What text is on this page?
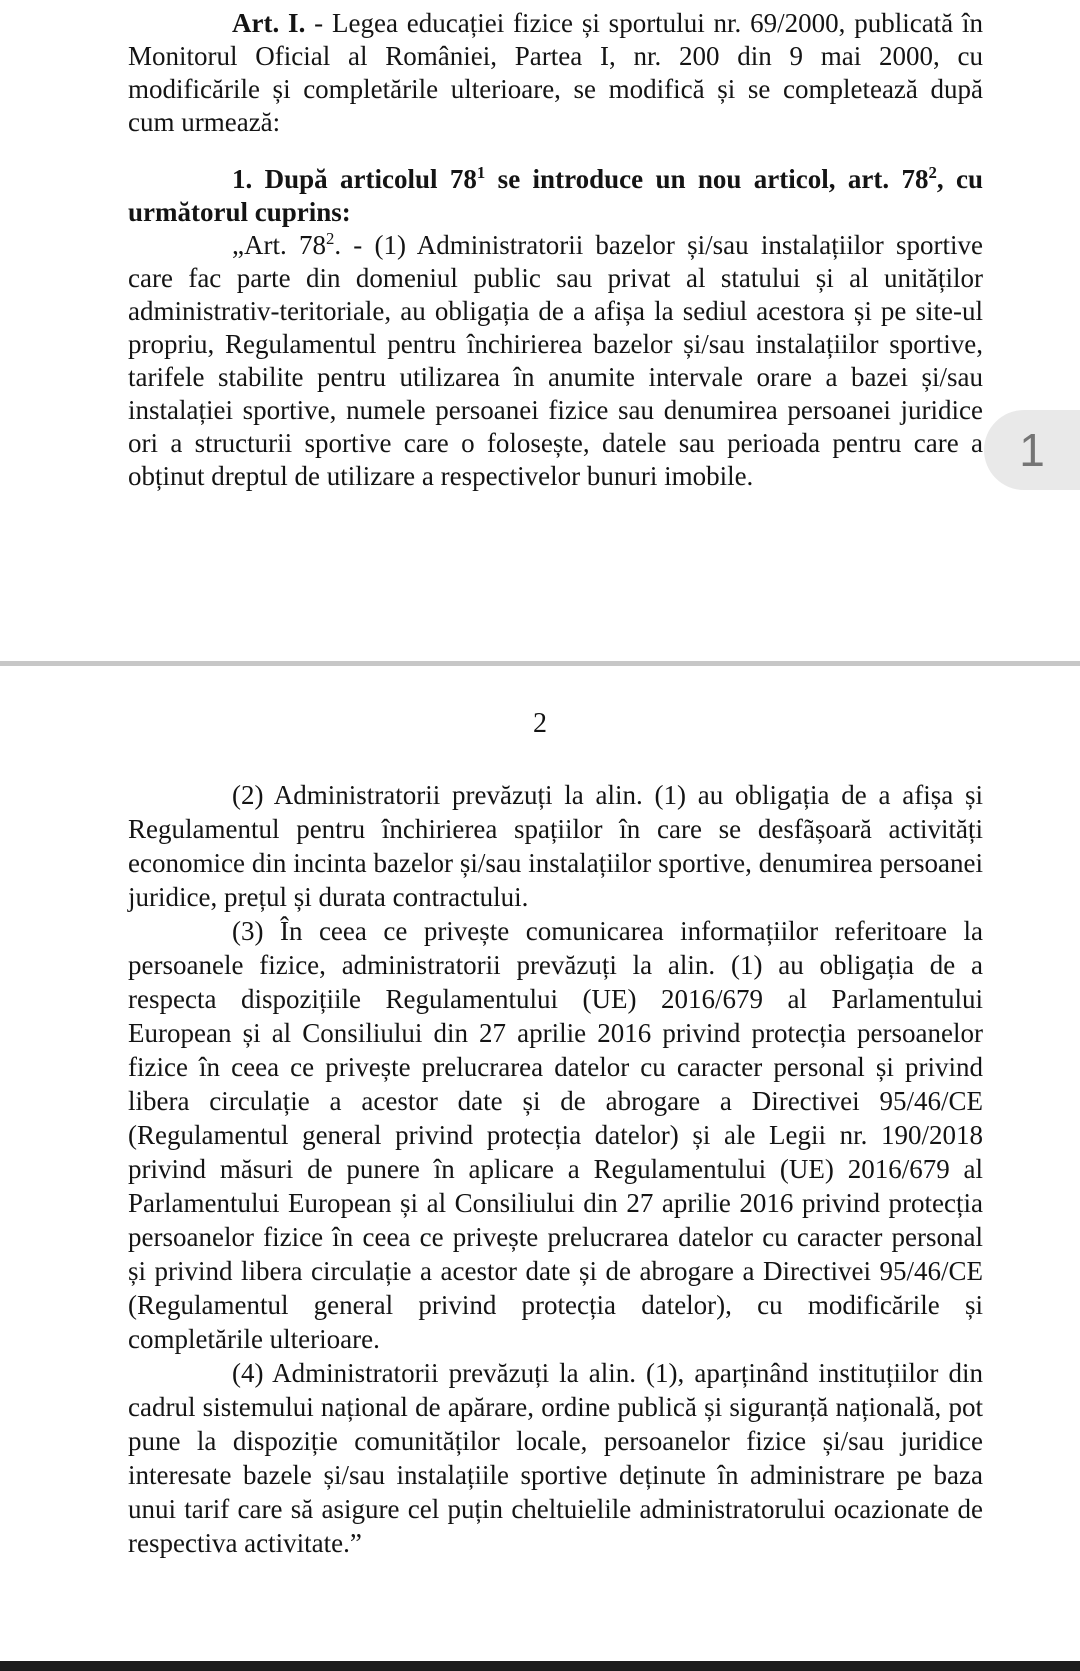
Art. I. - Legea educației fizice și sportului nr. 69/2000, publicată în Monitorul Oficial al României, Partea I, nr. 200 din 9 mai 2000, cu modificările și completările ulterioare, se modifică și se completează după cum urmează:

1. După articolul $78^1$ se introduce un nou articol, art. $78^2$, cu următorul cuprins:

„Art. $78^2$. - (1) Administratorii bazelor și/sau instalațiilor sportive care fac parte din domeniul public sau privat al statului și al unităților administrativ-teritoriale, au obligația de a afișa la sediul acestora și pe site-ul propriu, Regulamentul pentru închirierea bazelor și/sau instalațiilor sportive, tarifele stabilite pentru utilizarea în anumite intervale orare a bazei și/sau instalației sportive, numele persoanei fizice sau denumirea persoanei juridice ori a structurii sportive care o folosește, datele sau perioada pentru care a obținut dreptul de utilizare a respectivelor bunuri imobile.	1

2

(2) Administratorii prevăzuți la alin. (1) au obligația de a afișa și Regulamentul pentru închirierea spațiilor în care se desfãșoară activități economice din incinta bazelor și/sau instalațiilor sportive, denumirea persoanei juridice, prețul și durata contractului.

(3) În ceea ce privește comunicarea informațiilor referitoare la persoanele fizice, administratorii prevăzuți la alin. (1) au obligația de a respecta dispozițiile Regulamentului (UE) 2016/679 al Parlamentului European și al Consiliului din 27 aprilie 2016 privind protecția persoanelor fizice în ceea ce privește prelucrarea datelor cu caracter personal și privind libera circulație a acestor date și de abrogare a Directivei 95/46/CE (Regulamentul general privind protecția datelor) și ale Legii nr. 190/2018 privind măsuri de punere în aplicare a Regulamentului (UE) 2016/679 al Parlamentului European și al Consiliului din 27 aprilie 2016 privind protecția persoanelor fizice în ceea ce privește prelucrarea datelor cu caracter personal și privind libera circulație a acestor date și de abrogare a Directivei 95/46/CE (Regulamentul general privind protecția datelor), cu modificările și completările ulterioare.

(4) Administratorii prevăzuți la alin. (1), aparținând instituțiilor din cadrul sistemului național de apărare, ordine publică și siguranță națională, pot pune la dispoziție comunităților locale, persoanelor fizice și/sau juridice interesate bazele și/sau instalațiile sportive deținute în administrare pe baza unui tarif care să asigure cel puțin cheltuielile administratorului ocazionate de respectiva activitate.”
